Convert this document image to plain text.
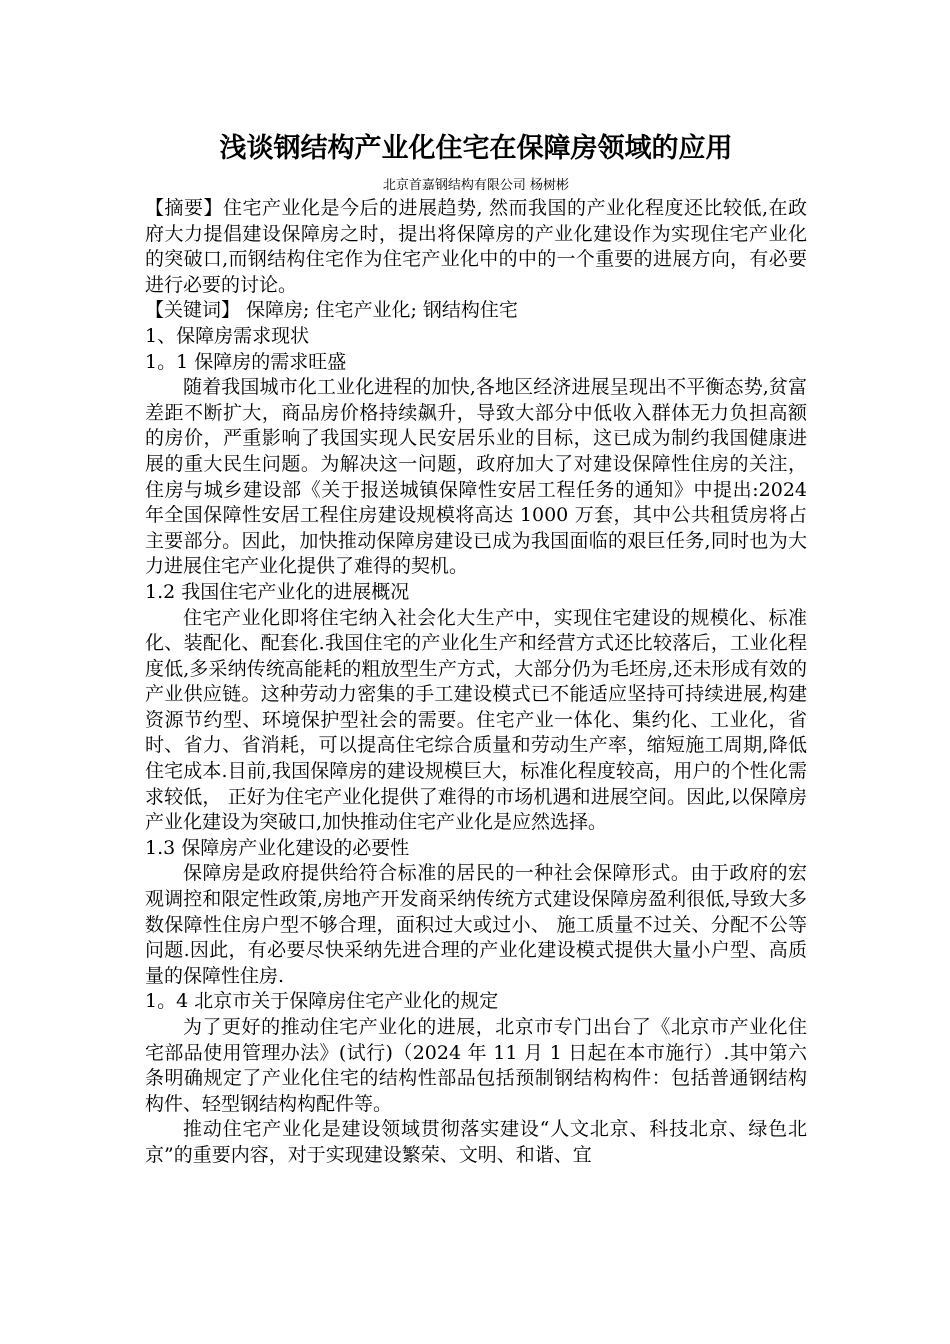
浅谈钢结构产业化住宅在保障房领域的应用

北京首嘉钢结构有限公司 杨树彬

【摘要】住宅产业化是今后的进展趋势, 然而我国的产业化程度还比较低,在政府大力提倡建设保障房之时，提出将保障房的产业化建设作为实现住宅产业化的突破口,而钢结构住宅作为住宅产业化中的中的一个重要的进展方向，有必要进行必要的讨论。

【关键词】 保障房; 住宅产业化; 钢结构住宅

1、保障房需求现状

1。1 保障房的需求旺盛

随着我国城市化工业化进程的加快,各地区经济进展呈现出不平衡态势,贫富差距不断扩大，商品房价格持续飙升，导致大部分中低收入群体无力负担高额的房价，严重影响了我国实现人民安居乐业的目标，这已成为制约我国健康进展的重大民生问题。为解决这一问题，政府加大了对建设保障性住房的关注，住房与城乡建设部《关于报送城镇保障性安居工程任务的通知》中提出:2024 年全国保障性安居工程住房建设规模将高达 1000 万套，其中公共租赁房将占主要部分。因此，加快推动保障房建设已成为我国面临的艰巨任务,同时也为大力进展住宅产业化提供了难得的契机。

1.2 我国住宅产业化的进展概况

住宅产业化即将住宅纳入社会化大生产中，实现住宅建设的规模化、标准化、装配化、配套化.我国住宅的产业化生产和经营方式还比较落后，工业化程度低,多采纳传统高能耗的粗放型生产方式，大部分仍为毛坯房,还未形成有效的产业供应链。这种劳动力密集的手工建设模式已不能适应坚持可持续进展,构建资源节约型、环境保护型社会的需要。住宅产业一体化、集约化、工业化，省时、省力、省消耗，可以提高住宅综合质量和劳动生产率，缩短施工周期,降低住宅成本.目前,我国保障房的建设规模巨大，标准化程度较高，用户的个性化需求较低， 正好为住宅产业化提供了难得的市场机遇和进展空间。因此,以保障房产业化建设为突破口,加快推动住宅产业化是应然选择。

1.3 保障房产业化建设的必要性

保障房是政府提供给符合标准的居民的一种社会保障形式。由于政府的宏观调控和限定性政策,房地产开发商采纳传统方式建设保障房盈利很低,导致大多数保障性住房户型不够合理，面积过大或过小、 施工质量不过关、分配不公等问题.因此，有必要尽快采纳先进合理的产业化建设模式提供大量小户型、高质量的保障性住房.

1。4 北京市关于保障房住宅产业化的规定

为了更好的推动住宅产业化的进展，北京市专门出台了《北京市产业化住宅部品使用管理办法》(试行)（2024 年 11 月 1 日起在本市施行）.其中第六条明确规定了产业化住宅的结构性部品包括预制钢结构构件：包括普通钢结构构件、轻型钢结构构配件等。

推动住宅产业化是建设领域贯彻落实建设“人文北京、科技北京、绿色北京”的重要内容，对于实现建设繁荣、文明、和谐、宜
